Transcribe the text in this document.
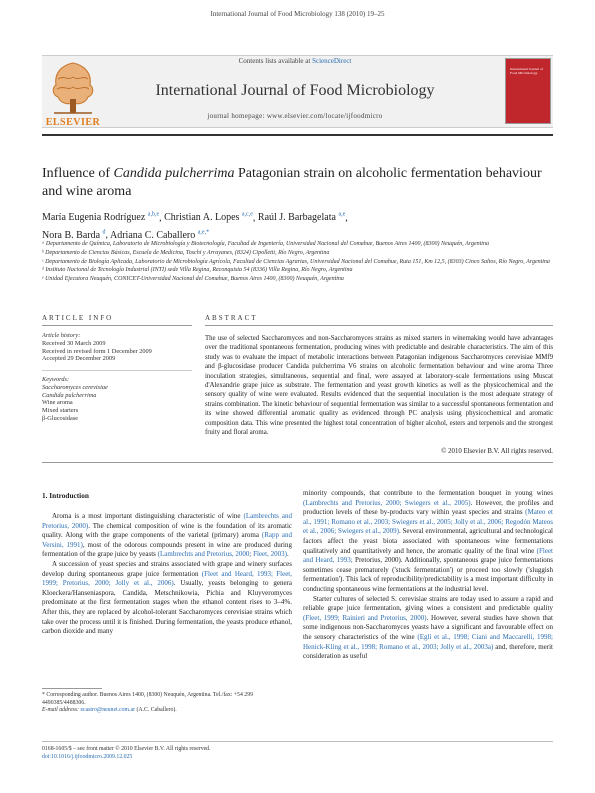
International Journal of Food Microbiology 138 (2010) 19–25
Contents lists available at ScienceDirect
International Journal of Food Microbiology
journal homepage: www.elsevier.com/locate/ijfoodmicro
ELSEVIER
International Journal of Food Microbiology
Influence of Candida pulcherrima Patagonian strain on alcoholic fermentation behaviour and wine aroma
María Eugenia Rodríguez $^{a,b,e}$, Christian A. Lopes $^{a,c,e}$, Raúl J. Barbagelata $^{a,e}$,
Nora B. Barda $^d$, Adriana C. Caballero $^{a,e,*}$

ᵃ Departamento de Química, Laboratorio de Microbiología y Biotecnología, Facultad de Ingeniería, Universidad Nacional del Comahue, Buenos Aires 1400, (8300) Neuquén, Argentina

ᵇ Departamento de Ciencias Básicas, Escuela de Medicina, Toschi y Arrayanes, (8324) Cipolletti, Río Negro, Argentina

ᶜ Departamento de Biología Aplicada, Laboratorio de Microbiología Agrícola, Facultad de Ciencias Agrarias, Universidad Nacional del Comahue, Ruta 151, Km 12,5, (8303) Cinco Saltos, Río Negro, Argentina

ᵈ Instituto Nacional de Tecnología Industrial (INTI) sede Villa Regina, Reconquista 54 (8336) Villa Regina, Río Negro, Argentina

ᵉ Unidad Ejecutora Neuquén, CONICET-Universidad Nacional del Comahue, Buenos Aires 1400, (8300) Neuquén, Argentina

ARTICLE INFO	ABSTRACT
Article history:
Received 30 March 2009
Received in revised form 1 December 2009
Accepted 29 December 2009
Keywords:
Saccharomyces cerevisiae
Candida pulcherrima
Wine aroma
Mixed starters
β-Glucosidase
The use of selected Saccharomyces and non-Saccharomyces strains as mixed starters in winemaking would have advantages over the traditional spontaneous fermentation, producing wines with predictable and desirable characteristics. The aim of this study was to evaluate the impact of metabolic interactions between Patagonian indigenous Saccharomyces cerevisiae MMf9 and β-glucosidase producer Candida pulcherrima V6 strains on alcoholic fermentation behaviour and wine aroma Three inoculation strategies, simultaneous, sequential and final, were assayed at laboratory-scale fermentations using Muscat d'Alexandrie grape juice as substrate. The fermentation and yeast growth kinetics as well as the physicochemical and the sensory quality of wine were evaluated. Results evidenced that the sequential inoculation is the most adequate strategy of strains combination. The kinetic behaviour of sequential fermentation was similar to a successful spontaneous fermentation and its wine showed differential aromatic quality as evidenced through PC analysis using physicochemical and aromatic composition data. This wine presented the highest total concentration of higher alcohol, esters and terpenols and the strongest fruity and floral aroma.
© 2010 Elsevier B.V. All rights reserved.
1. Introduction

Aroma is a most important distinguishing characteristic of wine (Lambrechts and Pretorius, 2000). The chemical composition of wine is the foundation of its aromatic quality. Along with the grape components of the varietal (primary) aroma (Rapp and Versini, 1991), most of the odorous compounds present in wine are produced during fermentation of the grape juice by yeasts (Lambrechts and Pretorius, 2000; Fleet, 2003).

A succession of yeast species and strains associated with grape and winery surfaces develop during spontaneous grape juice fermentation (Fleet and Heard, 1993; Fleet, 1999; Pretorius, 2000; Jolly et al., 2006). Usually, yeasts belonging to genera Kloeckera/Hanseniaspora, Candida, Metschnikowia, Pichia and Kluyveromyces predominate at the first fermentation stages when the ethanol content rises to 3–4%. After this, they are replaced by alcohol-tolerant Saccharomyces cerevisiae strains which take over the process until it is finished. During fermentation, the yeasts produce ethanol, carbon dioxide and many

minority compounds, that contribute to the fermentation bouquet in young wines (Lambrechts and Pretorius, 2000; Swiegers et al., 2005). However, the profiles and production levels of these by-products vary within yeast species and strains (Mateo et al., 1991; Romano et al., 2003; Swiegers et al., 2005; Jolly et al., 2006; Regodón Mateos et al., 2006; Swiegers et al., 2009). Several environmental, agricultural and technological factors affect the yeast biota associated with spontaneous wine fermentations qualitatively and quantitatively and hence, the aromatic quality of the final wine (Fleet and Heard, 1993; Pretorius, 2000). Additionally, spontaneous grape juice fermentations sometimes cease prematurely ('stuck fermentation') or proceed too slowly ('sluggish fermentation'). This lack of reproducibility/predictability is a most important difficulty in conducting spontaneous wine fermentations at the industrial level.

Starter cultures of selected S. cerevisiae strains are today used to assure a rapid and reliable grape juice fermentation, giving wines a consistent and predictable quality (Fleet, 1999; Rainieri and Pretorius, 2000). However, several studies have shown that some indigenous non-Saccharomyces yeasts have a significant and favourable effect on the sensory characteristics of the wine (Egli et al., 1998; Ciani and Maccarelli, 1998; Henick-Kling et al., 1998; Romano et al., 2003; Jolly et al., 2003a) and, therefore, merit consideration as useful

* Corresponding author. Buenos Aires 1400, (8300) Neuquén, Argentina. Tel./fax: +54 299 4490385/4488306.
E-mail address: ecastro@neunet.com.ar (A.C. Caballero).
0168-1605/$ – see front matter © 2010 Elsevier B.V. All rights reserved.
doi:10.1016/j.ijfoodmicro.2009.12.025
